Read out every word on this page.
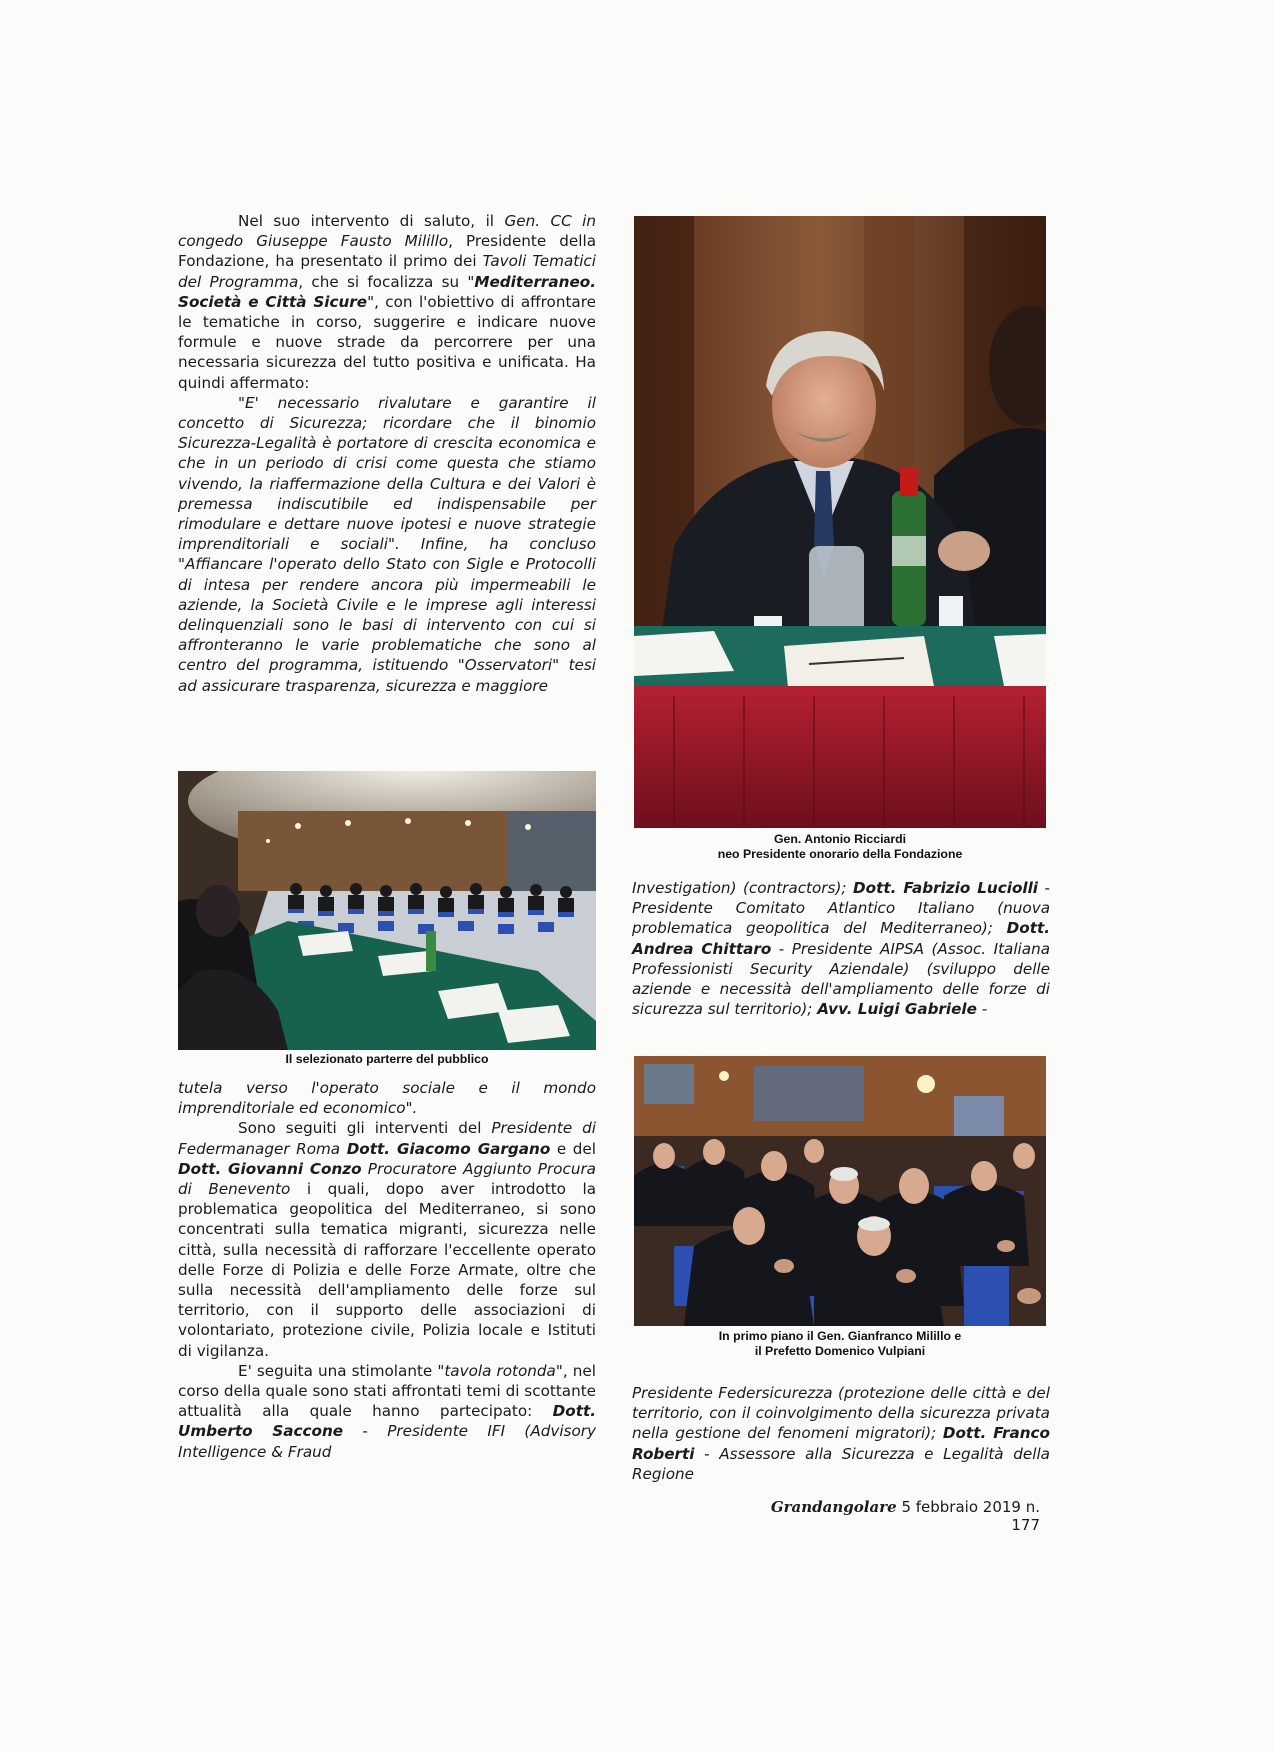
Nel suo intervento di saluto, il Gen. CC in congedo Giuseppe Fausto Milillo, Presidente della Fondazione, ha presentato il primo dei Tavoli Tematici del Programma, che si focalizza su "Mediterraneo. Società e Città Sicure", con l'obiettivo di affrontare le tematiche in corso, suggerire e indicare nuove formule e nuove strade da percorrere per una necessaria sicurezza del tutto positiva e unificata. Ha quindi affermato:

"E' necessario rivalutare e garantire il concetto di Sicurezza; ricordare che il binomio Sicurezza-Legalità è portatore di crescita economica e che in un periodo di crisi come questa che stiamo vivendo, la riaffermazione della Cultura e dei Valori è premessa indiscutibile ed indispensabile per rimodulare e dettare nuove ipotesi e nuove strategie imprenditoriali e sociali". Infine, ha concluso "Affiancare l'operato dello Stato con Sigle e Protocolli di intesa per rendere ancora più impermeabili le aziende, la Società Civile e le imprese agli interessi delinquenziali sono le basi di intervento con cui si affronteranno le varie problematiche che sono al centro del programma, istituendo "Osservatori" tesi ad assicurare trasparenza, sicurezza e maggiore

Gen. Antonio Ricciardi
neo Presidente onorario della Fondazione
Il selezionato parterre del pubblico

tutela verso l'operato sociale e il mondo imprenditoriale ed economico".

Sono seguiti gli interventi del Presidente di Federmanager Roma Dott. Giacomo Gargano e del Dott. Giovanni Conzo Procuratore Aggiunto Procura di Benevento i quali, dopo aver introdotto la problematica geopolitica del Mediterraneo, si sono concentrati sulla tematica migranti, sicurezza nelle città, sulla necessità di rafforzare l'eccellente operato delle Forze di Polizia e delle Forze Armate, oltre che sulla necessità dell'ampliamento delle forze sul territorio, con il supporto delle associazioni di volontariato, protezione civile, Polizia locale e Istituti di vigilanza.

E' seguita una stimolante "tavola rotonda", nel corso della quale sono stati affrontati temi di scottante attualità alla quale hanno partecipato: Dott. Umberto Saccone - Presidente IFI (Advisory Intelligence & Fraud

Investigation) (contractors); Dott. Fabrizio Luciolli - Presidente Comitato Atlantico Italiano (nuova problematica geopolitica del Mediterraneo); Dott. Andrea Chittaro - Presidente AIPSA (Assoc. Italiana Professionisti Security Aziendale) (sviluppo delle aziende e necessità dell'ampliamento delle forze di sicurezza sul territorio); Avv. Luigi Gabriele -

In primo piano il Gen. Gianfranco Milillo e
il Prefetto Domenico Vulpiani

Presidente Federsicurezza (protezione delle città e del territorio, con il coinvolgimento della sicurezza privata nella gestione del fenomeni migratori); Dott. Franco Roberti - Assessore alla Sicurezza e Legalità della Regione

Grandangolare 5 febbraio 2019 n. 177
